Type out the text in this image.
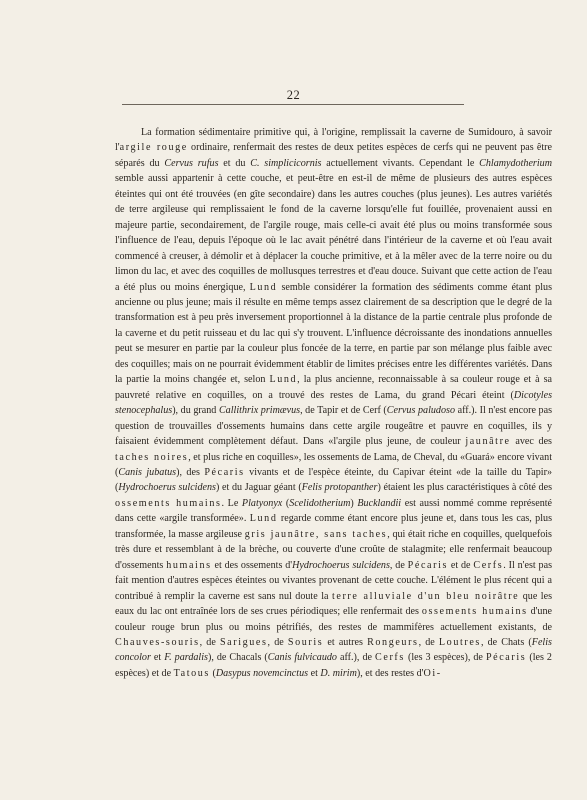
22

La formation sédimentaire primitive qui, à l'origine, remplissait la caverne de Sumidouro, à savoir l'argile rouge ordinaire, renfermait des restes de deux petites espèces de cerfs qui ne peuvent pas être séparés du Cervus rufus et du C. simplicicornis actuellement vivants. Cependant le Chlamydotherium semble aussi appartenir à cette couche, et peut-être en est-il de même de plusieurs des autres espèces éteintes qui ont été trouvées (en gîte secondaire) dans les autres couches (plus jeunes). Les autres variétés de terre argileuse qui remplissaient le fond de la caverne lorsqu'elle fut fouillée, provenaient aussi en majeure partie, secondairement, de l'argile rouge, mais celle-ci avait été plus ou moins transformée sous l'influence de l'eau, depuis l'époque où le lac avait pénétré dans l'intérieur de la caverne et où l'eau avait commencé à creuser, à démolir et à déplacer la couche primitive, et à la mêler avec de la terre noire ou du limon du lac, et avec des coquilles de mollusques terrestres et d'eau douce. Suivant que cette action de l'eau a été plus ou moins énergique, Lund semble considérer la formation des sédiments comme étant plus ancienne ou plus jeune; mais il résulte en même temps assez clairement de sa description que le degré de la transformation est à peu près inversement proportionnel à la distance de la partie centrale plus profonde de la caverne et du petit ruisseau et du lac qui s'y trouvent. L'influence décroissante des inondations annuelles peut se mesurer en partie par la couleur plus foncée de la terre, en partie par son mélange plus faible avec des coquilles; mais on ne pourrait évidemment établir de limites précises entre les différentes variétés. Dans la partie la moins changée et, selon Lund, la plus ancienne, reconnaissable à sa couleur rouge et à sa pauvreté relative en coquilles, on a trouvé des restes de Lama, du grand Pécari éteint (Dicotyles stenocephalus), du grand Callithrix primævus, de Tapir et de Cerf (Cervus paludoso aff.). Il n'est encore pas question de trouvailles d'ossements humains dans cette argile rougeâtre et pauvre en coquilles, ils y faisaient évidemment complètement défaut. Dans «l'argile plus jeune, de couleur jaunâtre avec des taches noires, et plus riche en coquilles», les ossements de Lama, de Cheval, du «Guará» encore vivant (Canis jubatus), des Pécaris vivants et de l'espèce éteinte, du Capivar éteint «de la taille du Tapir» (Hydrochoerus sulcidens) et du Jaguar géant (Felis protopanther) étaient les plus caractéristiques à côté des ossements humains. Le Platyonyx (Scelidotherium) Bucklandii est aussi nommé comme représenté dans cette «argile transformée». Lund regarde comme étant encore plus jeune et, dans tous les cas, plus transformée, la masse argileuse gris jaunâtre, sans taches, qui était riche en coquilles, quelquefois très dure et ressemblant à de la brèche, ou couverte d'une croûte de stalagmite; elle renfermait beaucoup d'ossements humains et des ossements d'Hydrochoerus sulcidens, de Pécaris et de Cerfs. Il n'est pas fait mention d'autres espèces éteintes ou vivantes provenant de cette couche. L'élément le plus récent qui a contribué à remplir la caverne est sans nul doute la terre alluviale d'un bleu noirâtre que les eaux du lac ont entraînée lors de ses crues périodiques; elle renfermait des ossements humains d'une couleur rouge brun plus ou moins pétrifiés, des restes de mammifères actuellement existants, de Chauves-souris, de Sarigues, de Souris et autres Rongeurs, de Loutres, de Chats (Felis concolor et F. pardalis), de Chacals (Canis fulvicaudo aff.), de Cerfs (les 3 espèces), de Pécaris (les 2 espèces) et de Tatous (Dasypus novemcinctus et D. mirim), et des restes d'Oi-
